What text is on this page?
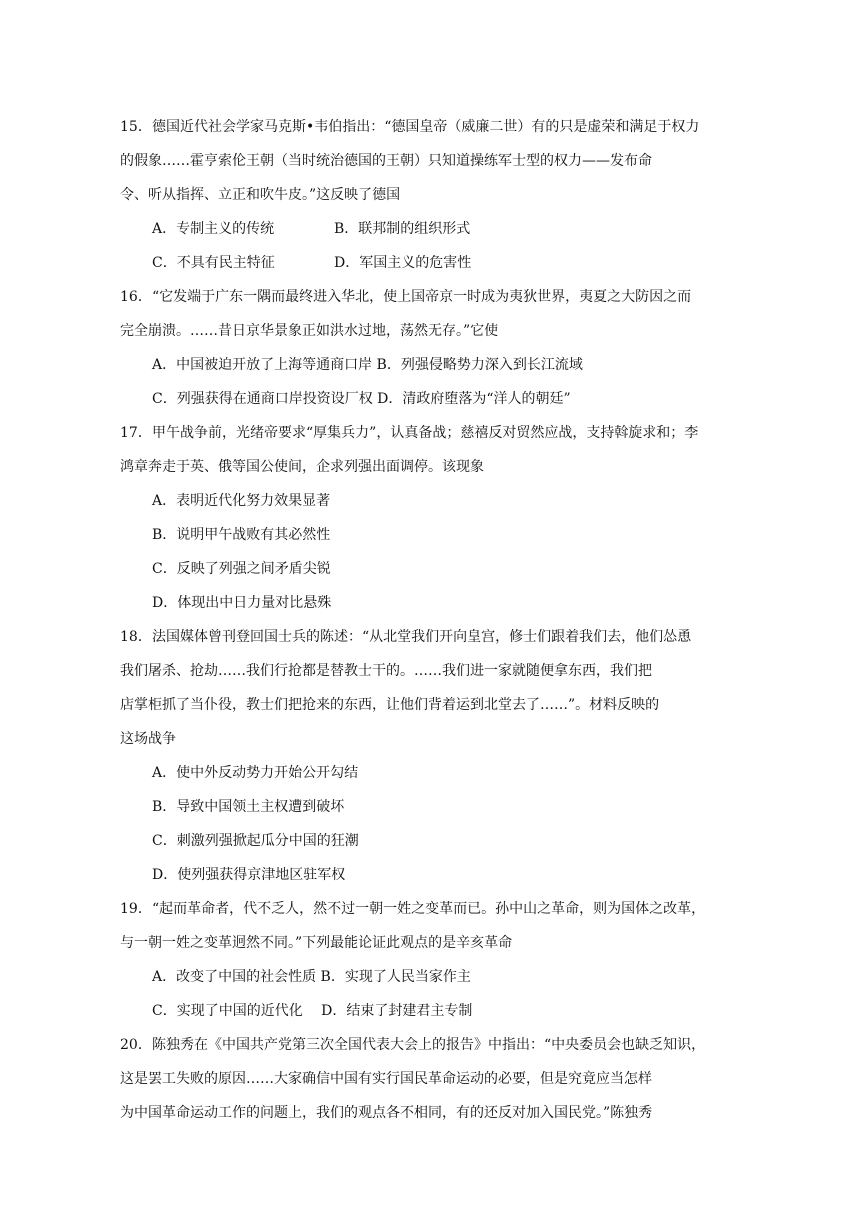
15．德国近代社会学家马克斯•韦伯指出：“德国皇帝（威廉二世）有的只是虚荣和满足于权力
的假象……霍亨索伦王朝（当时统治德国的王朝）只知道操练军士型的权力——发布命
令、听从指挥、立正和吹牛皮。”这反映了德国
A．专制主义的传统	B．联邦制的组织形式
C．不具有民主特征	D．军国主义的危害性
16．“它发端于广东一隅而最终进入华北，使上国帝京一时成为夷狄世界，夷夏之大防因之而
完全崩溃。……昔日京华景象正如洪水过地，荡然无存。”它使
A．中国被迫开放了上海等通商口岸 B．列强侵略势力深入到长江流域
C．列强获得在通商口岸投资设厂权 D．清政府堕落为“洋人的朝廷”
17．甲午战争前，光绪帝要求“厚集兵力”，认真备战；慈禧反对贸然应战，支持斡旋求和；李
鸿章奔走于英、俄等国公使间，企求列强出面调停。该现象
A．表明近代化努力效果显著
B．说明甲午战败有其必然性
C．反映了列强之间矛盾尖锐
D．体现出中日力量对比悬殊
18．法国媒体曾刊登回国士兵的陈述：“从北堂我们开向皇宫，修士们跟着我们去，他们怂恿
我们屠杀、抢劫……我们行抢都是替教士干的。……我们进一家就随便拿东西，我们把
店掌柜抓了当仆役，教士们把抢来的东西，让他们背着运到北堂去了……”。材料反映的
这场战争
A．使中外反动势力开始公开勾结
B．导致中国领土主权遭到破坏
C．刺激列强掀起瓜分中国的狂潮
D．使列强获得京津地区驻军权
19．“起而革命者，代不乏人，然不过一朝一姓之变革而已。孙中山之革命，则为国体之改革，
与一朝一姓之变革迥然不同。”下列最能论证此观点的是辛亥革命
A．改变了中国的社会性质 B．实现了人民当家作主
C．实现了中国的近代化　 D．结束了封建君主专制
20．陈独秀在《中国共产党第三次全国代表大会上的报告》中指出：“中央委员会也缺乏知识，
这是罢工失败的原因……大家确信中国有实行国民革命运动的必要，但是究竟应当怎样
为中国革命运动工作的问题上，我们的观点各不相同，有的还反对加入国民党。”陈独秀
